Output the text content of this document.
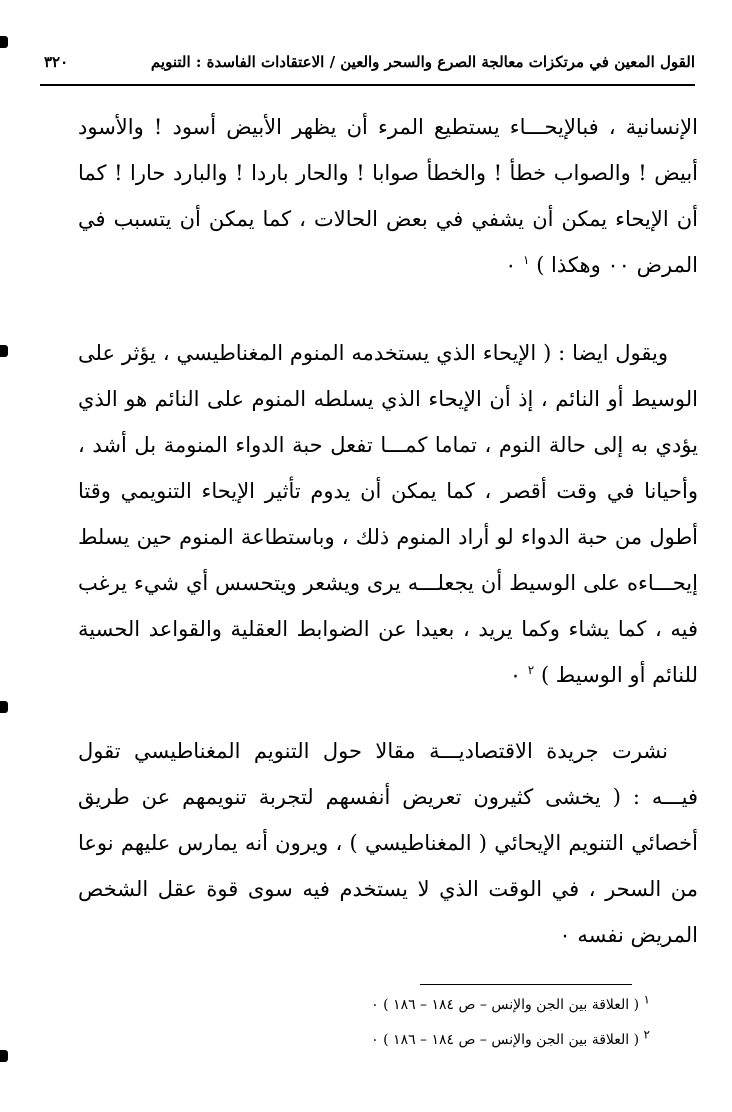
القول المعين في مرتكزات معالجة الصرع والسحر والعين / الاعتقادات الفاسدة : التنويم
٣٢٠

الإنسانية ، فبالإيحـــاء يستطيع المرء أن يظهر الأبيض أسود ! والأسود أبيض ! والصواب خطأ ! والخطأ صوابا ! والحار باردا ! والبارد حارا ! كما أن الإيحاء يمكن أن يشفي في بعض الحالات ، كما يمكن أن يتسبب في المرض ٠٠ وهكذا ) $^١$ ٠

ويقول ايضا : ( الإيحاء الذي يستخدمه المنوم المغناطيسي ، يؤثر على الوسيط أو النائم ، إذ أن الإيحاء الذي يسلطه المنوم على النائم هو الذي يؤدي به إلى حالة النوم ، تماما كمـــا تفعل حبة الدواء المنومة بل أشد ، وأحيانا في وقت أقصر ، كما يمكن أن يدوم تأثير الإيحاء التنويمي وقتا أطول من حبة الدواء لو أراد المنوم ذلك ، وباستطاعة المنوم حين يسلط إيحـــاءه على الوسيط أن يجعلـــه يرى ويشعر ويتحسس أي شيء يرغب فيه ، كما يشاء وكما يريد ، بعيدا عن الضوابط العقلية والقواعد الحسية للنائم أو الوسيط ) $^٢$ ٠

نشرت جريدة الاقتصاديـــة مقالا حول التنويم المغناطيسي تقول فيـــه : ( يخشى كثيرون تعريض أنفسهم لتجربة تنويمهم عن طريق أخصائي التنويم الإيحائي ( المغناطيسي ) ، ويرون أنه يمارس عليهم نوعا من السحر ، في الوقت الذي لا يستخدم فيه سوى قوة عقل الشخص المريض نفسه ٠

$^١$ ( العلاقة بين الجن والإنس – ص ١٨٤ – ١٨٦ ) ٠

$^٢$ ( العلاقة بين الجن والإنس – ص ١٨٤ – ١٨٦ ) ٠
